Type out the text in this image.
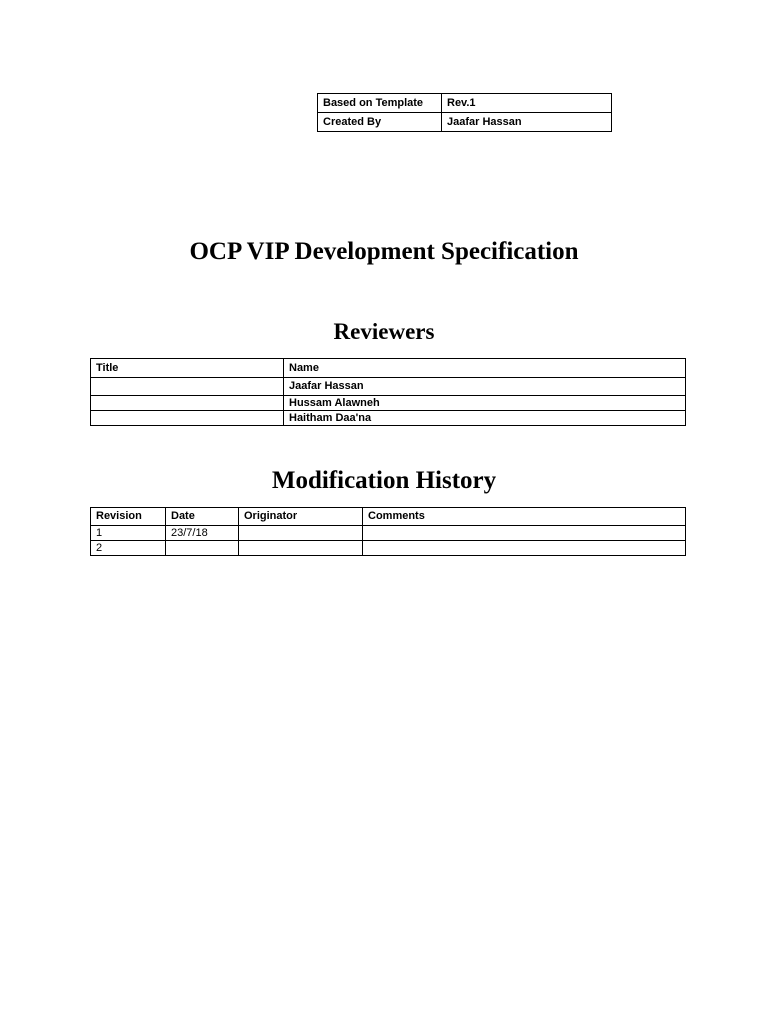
Based on Template	Rev.1
Created By	Jaafar Hassan
OCP VIP Development Specification
Reviewers
Title	Name
	Jaafar Hassan
	Hussam Alawneh
	Haitham Daa'na
Modification History
Revision	Date	Originator	Comments
1	23/7/18		
2			
